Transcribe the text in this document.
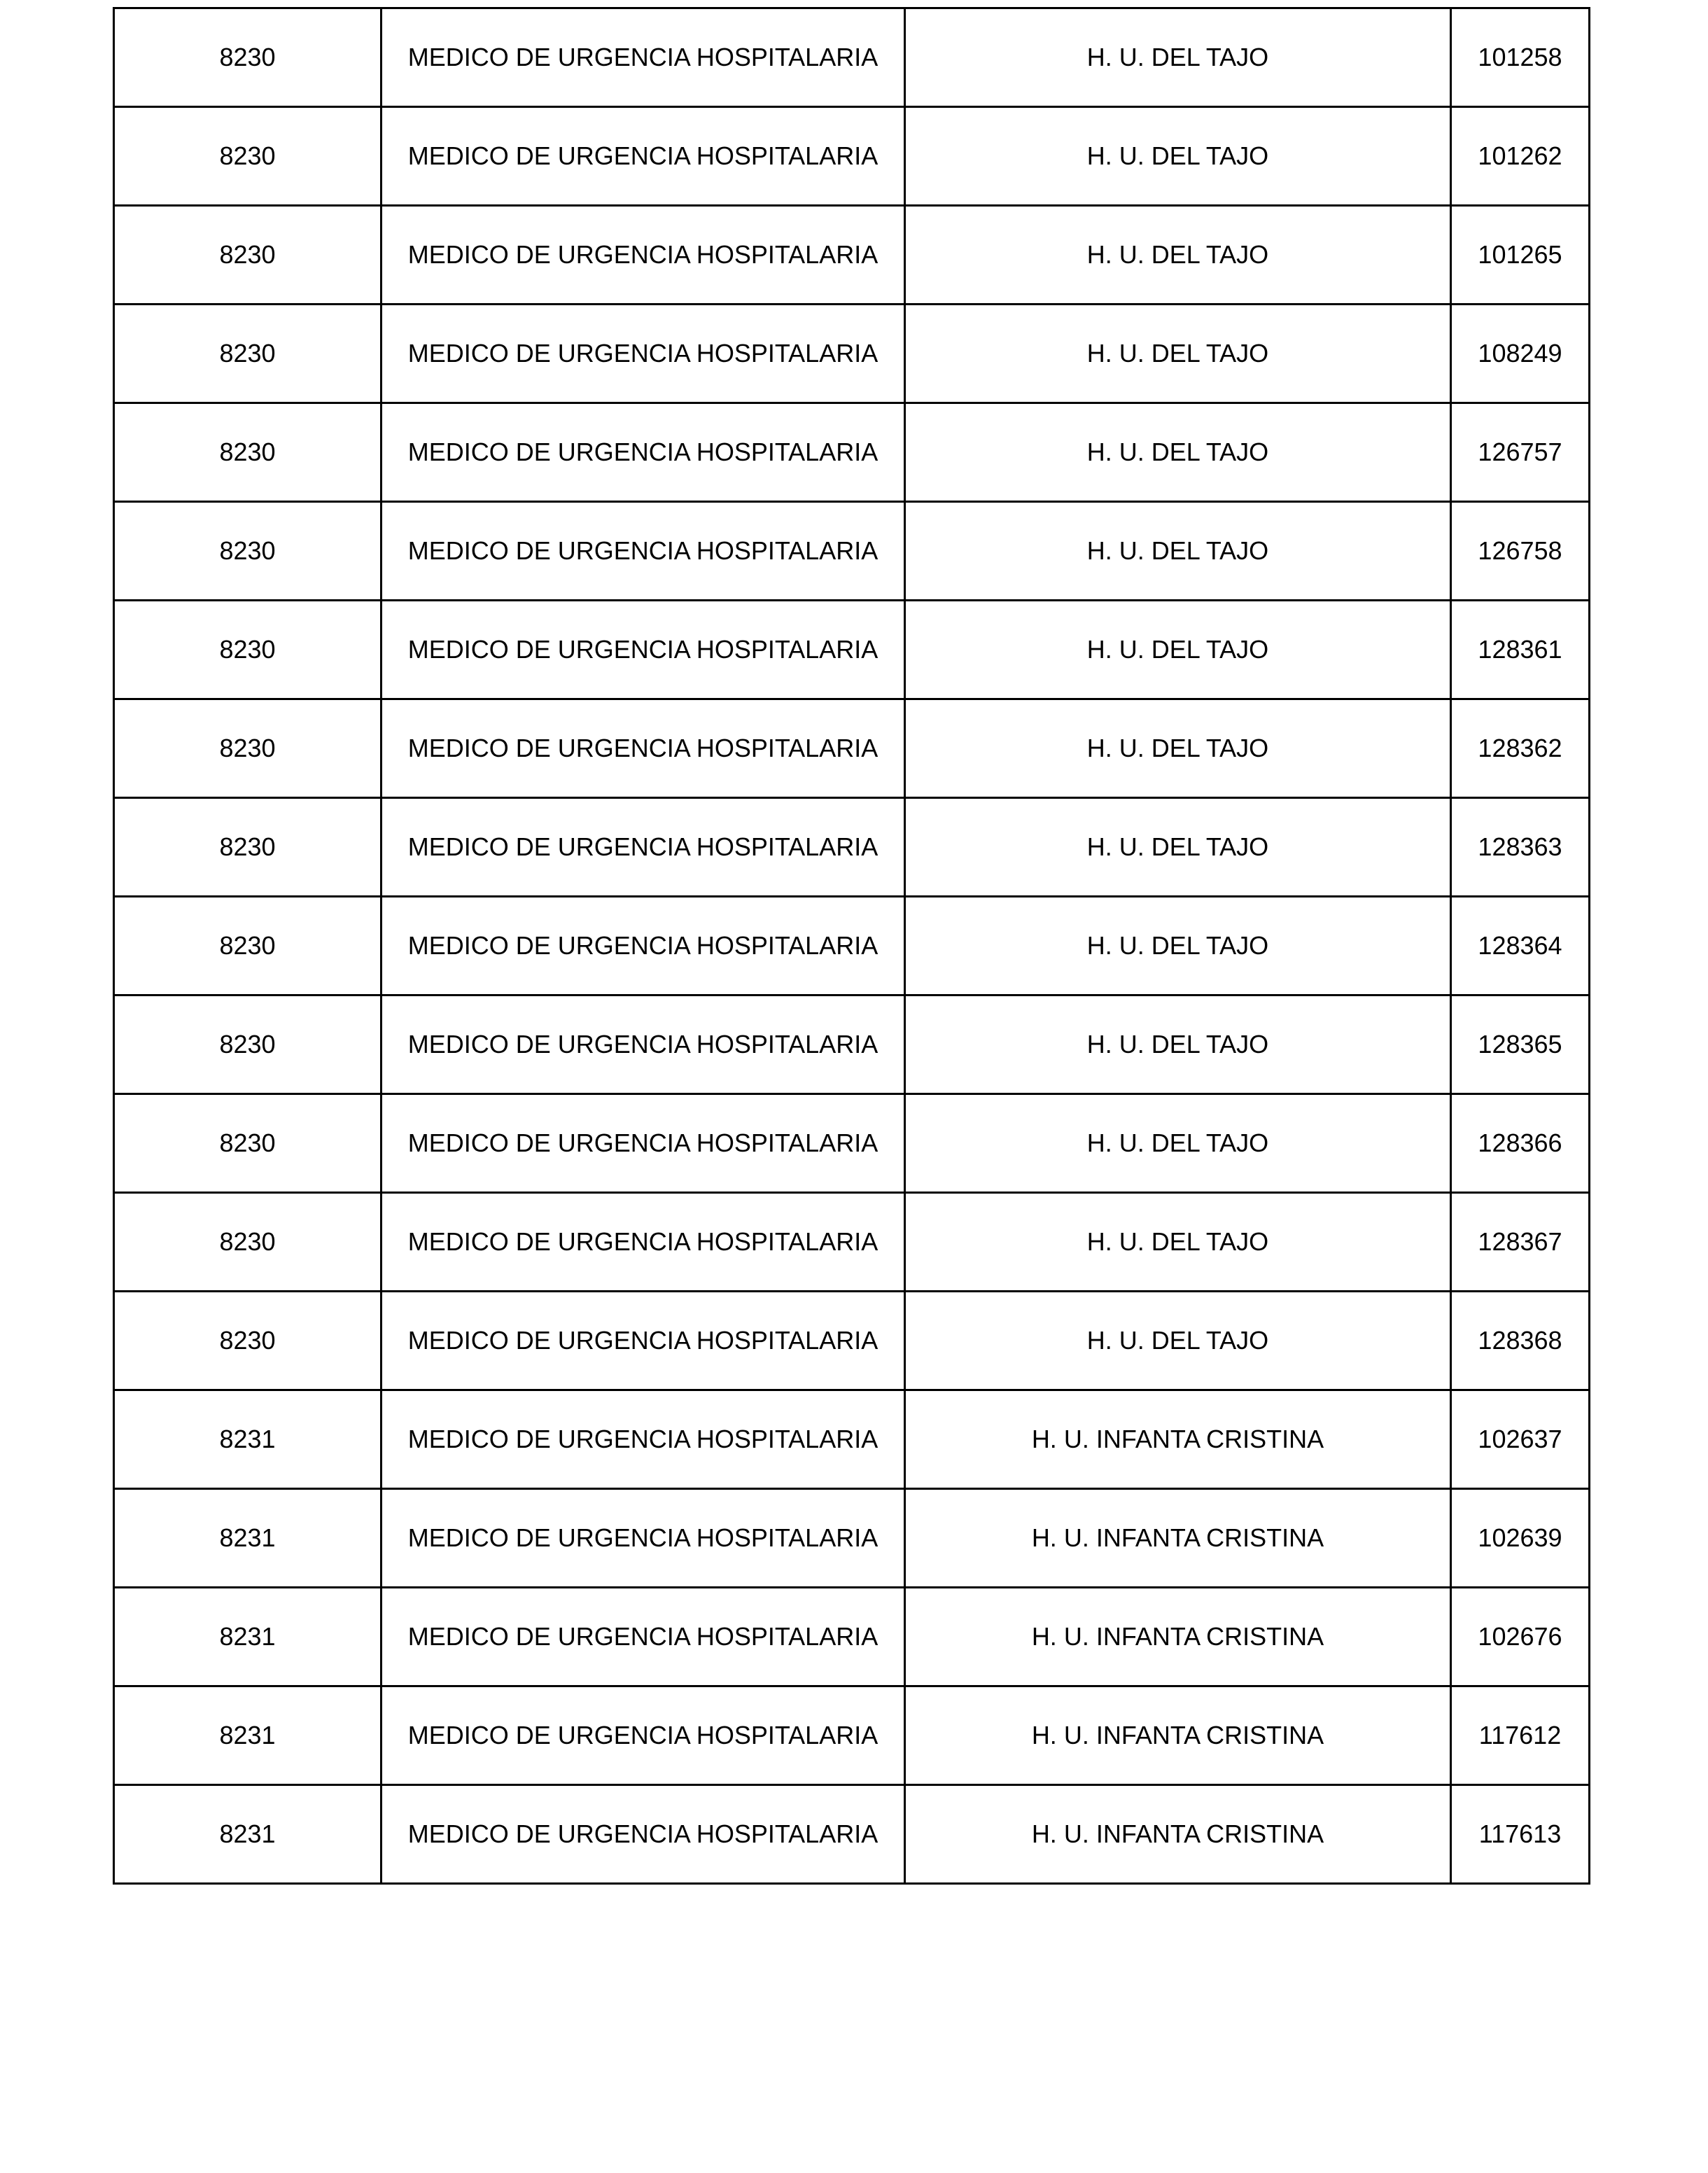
8230	MEDICO DE URGENCIA HOSPITALARIA	H. U. DEL TAJO	101258
8230	MEDICO DE URGENCIA HOSPITALARIA	H. U. DEL TAJO	101262
8230	MEDICO DE URGENCIA HOSPITALARIA	H. U. DEL TAJO	101265
8230	MEDICO DE URGENCIA HOSPITALARIA	H. U. DEL TAJO	108249
8230	MEDICO DE URGENCIA HOSPITALARIA	H. U. DEL TAJO	126757
8230	MEDICO DE URGENCIA HOSPITALARIA	H. U. DEL TAJO	126758
8230	MEDICO DE URGENCIA HOSPITALARIA	H. U. DEL TAJO	128361
8230	MEDICO DE URGENCIA HOSPITALARIA	H. U. DEL TAJO	128362
8230	MEDICO DE URGENCIA HOSPITALARIA	H. U. DEL TAJO	128363
8230	MEDICO DE URGENCIA HOSPITALARIA	H. U. DEL TAJO	128364
8230	MEDICO DE URGENCIA HOSPITALARIA	H. U. DEL TAJO	128365
8230	MEDICO DE URGENCIA HOSPITALARIA	H. U. DEL TAJO	128366
8230	MEDICO DE URGENCIA HOSPITALARIA	H. U. DEL TAJO	128367
8230	MEDICO DE URGENCIA HOSPITALARIA	H. U. DEL TAJO	128368
8231	MEDICO DE URGENCIA HOSPITALARIA	H. U. INFANTA CRISTINA	102637
8231	MEDICO DE URGENCIA HOSPITALARIA	H. U. INFANTA CRISTINA	102639
8231	MEDICO DE URGENCIA HOSPITALARIA	H. U. INFANTA CRISTINA	102676
8231	MEDICO DE URGENCIA HOSPITALARIA	H. U. INFANTA CRISTINA	117612
8231	MEDICO DE URGENCIA HOSPITALARIA	H. U. INFANTA CRISTINA	117613
